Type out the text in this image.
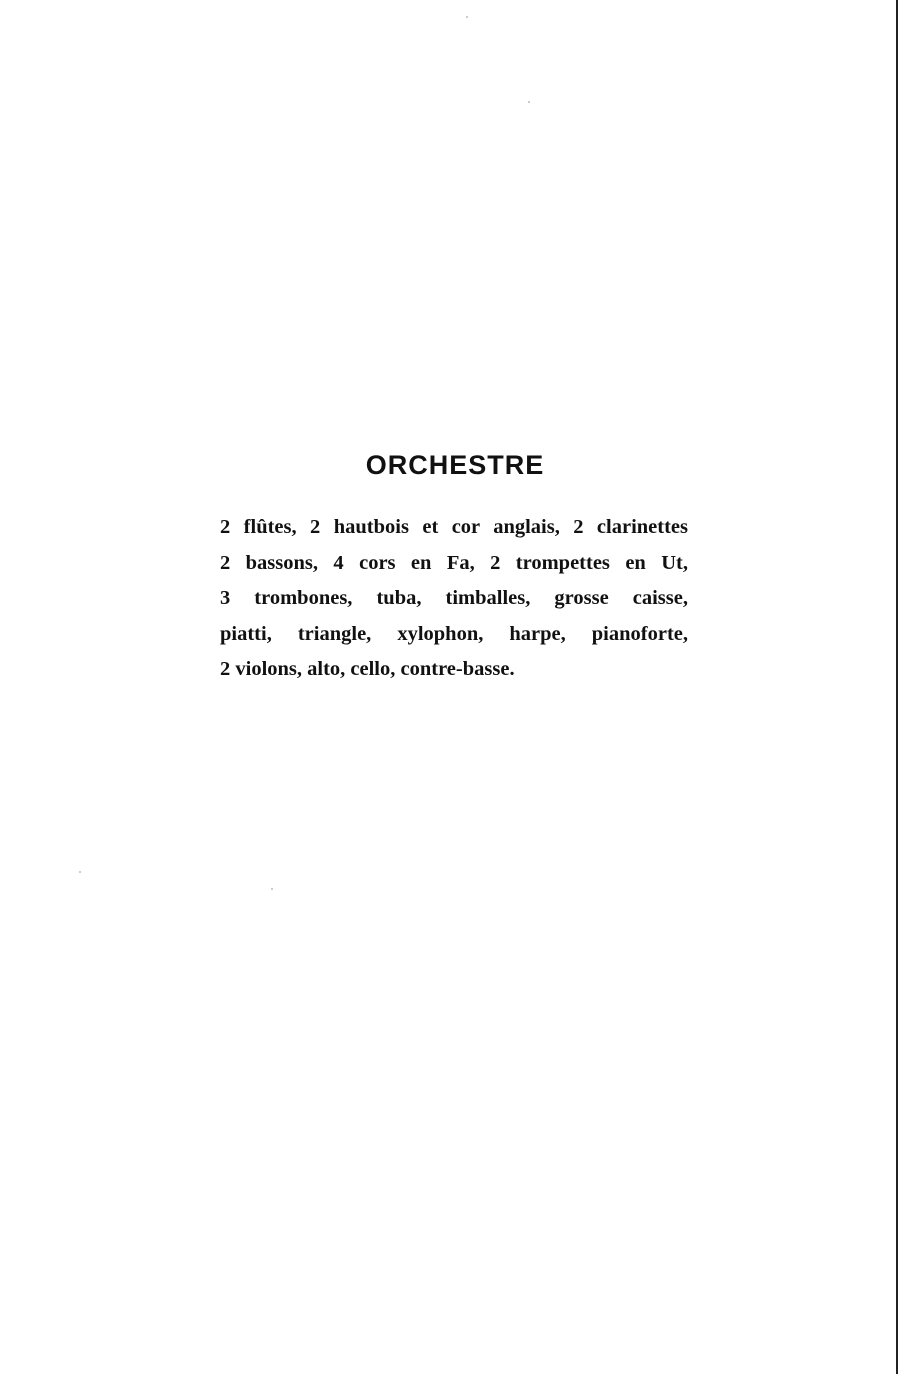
ORCHESTRE
2 flûtes, 2 hautbois et cor anglais, 2 clarinettes
2 bassons, 4 cors en Fa, 2 trompettes en Ut,
3 trombones, tuba, timballes, grosse caisse,
piatti, triangle, xylophon, harpe, pianoforte,
2 violons, alto, cello, contre-basse.
